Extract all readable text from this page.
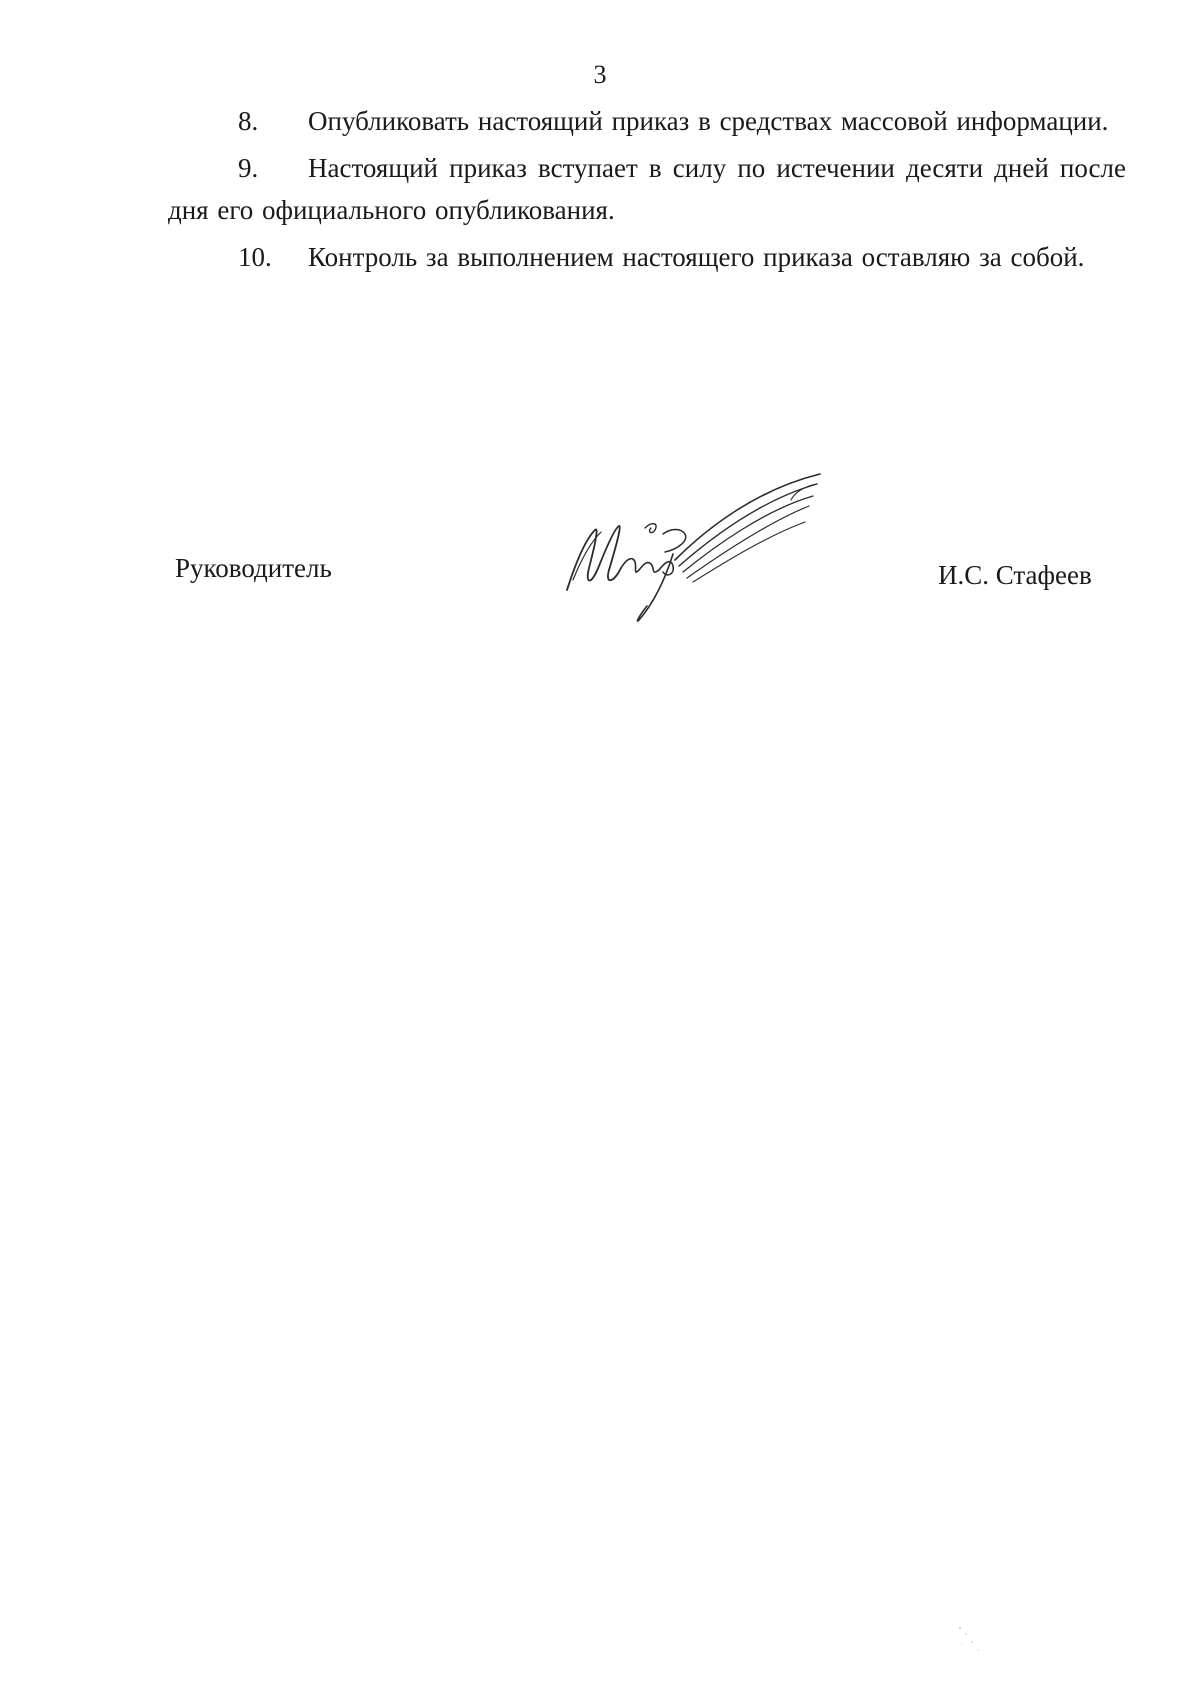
3

8. Опубликовать настоящий приказ в средствах массовой информации.

9. Настоящий приказ вступает в силу по истечении десяти дней после дня его официального опубликования.

10. Контроль за выполнением настоящего приказа оставляю за собой.

Руководитель	И.С. Стафеев
